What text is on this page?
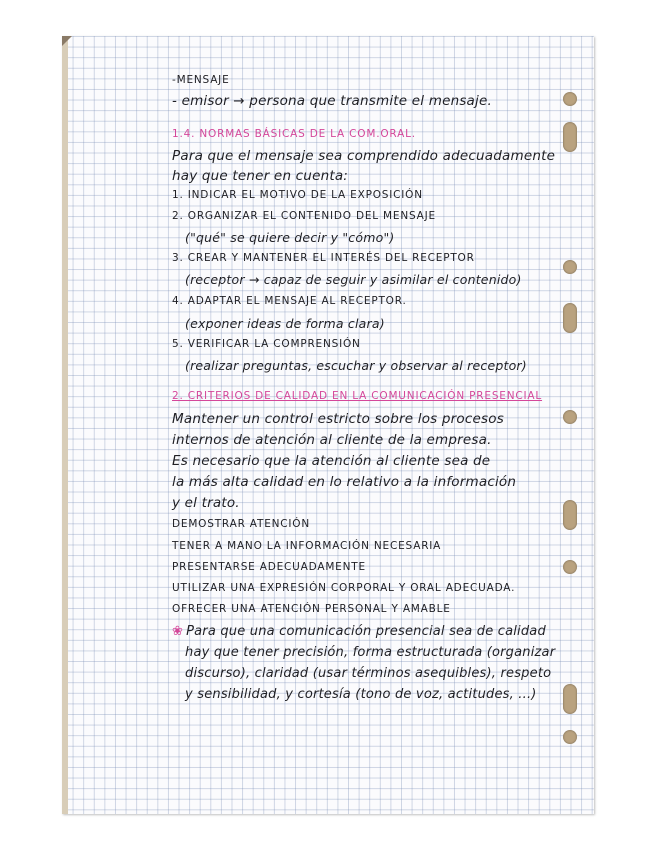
-MENSAJE
- emisor → persona que transmite el mensaje.
1.4. NORMAS BÁSICAS DE LA COM.ORAL.
Para que el mensaje sea comprendido adecuadamente
hay que tener en cuenta:
1. INDICAR EL MOTIVO DE LA EXPOSICIÓN
2. ORGANIZAR EL CONTENIDO DEL MENSAJE
("qué" se quiere decir y "cómo")
3. CREAR Y MANTENER EL INTERÉS DEL RECEPTOR
(receptor → capaz de seguir y asimilar el contenido)
4. ADAPTAR EL MENSAJE AL RECEPTOR.
(exponer ideas de forma clara)
5. VERIFICAR LA COMPRENSIÓN
(realizar preguntas, escuchar y observar al receptor)
2. CRITERIOS DE CALIDAD EN LA COMUNICACIÓN PRESENCIAL
Mantener un control estricto sobre los procesos
internos de atención al cliente de la empresa.
Es necesario que la atención al cliente sea de
la más alta calidad en lo relativo a la información
y el trato.
DEMOSTRAR ATENCIÓN
TENER A MANO LA INFORMACIÓN NECESARIA
PRESENTARSE ADECUADAMENTE
UTILIZAR UNA EXPRESIÓN CORPORAL Y ORAL ADECUADA.
OFRECER UNA ATENCIÓN PERSONAL Y AMABLE
❀ Para que una comunicación presencial sea de calidad
hay que tener precisión, forma estructurada (organizar
discurso), claridad (usar términos asequibles), respeto
y sensibilidad, y cortesía (tono de voz, actitudes, ...)
